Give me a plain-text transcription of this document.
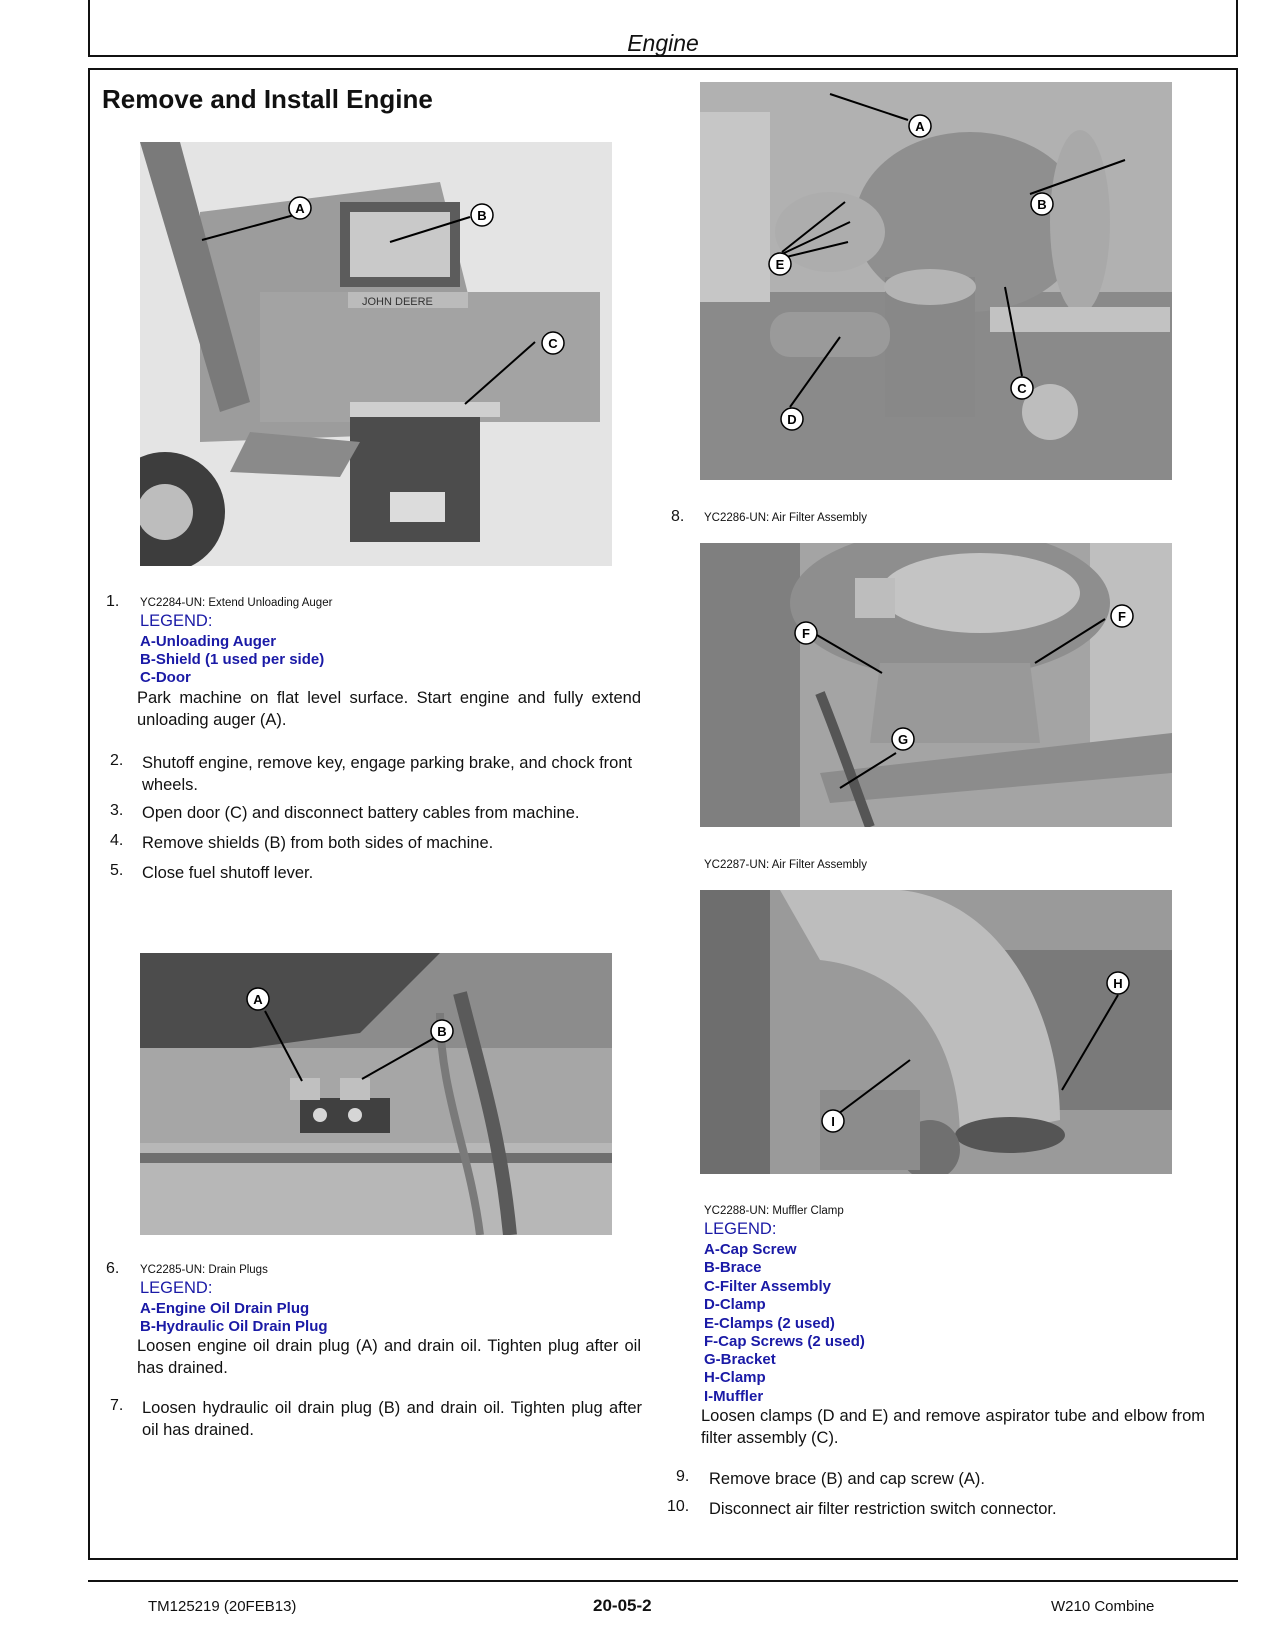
Engine
Remove and Install Engine
JOHN DEERE
A	B
C
1. YC2284-UN: Extend Unloading Auger
LEGEND:
A-Unloading Auger
B-Shield (1 used per side)
C-Door
Park machine on flat level surface. Start engine and fully extend unloading auger (A).
2. Shutoff engine, remove key, engage parking brake, and chock front wheels.
3. Open door (C) and disconnect battery cables from machine.
4. Remove shields (B) from both sides of machine.
5. Close fuel shutoff lever.
A
B
6. YC2285-UN: Drain Plugs
LEGEND:
A-Engine Oil Drain Plug
B-Hydraulic Oil Drain Plug
Loosen engine oil drain plug (A) and drain oil. Tighten plug after oil has drained.
7. Loosen hydraulic oil drain plug (B) and drain oil. Tighten plug after oil has drained.
A
B
C
D
E
8. YC2286-UN: Air Filter Assembly
F
F
G
YC2287-UN: Air Filter Assembly
H
I
YC2288-UN: Muffler Clamp
LEGEND:
A-Cap Screw
B-Brace
C-Filter Assembly
D-Clamp
E-Clamps (2 used)
F-Cap Screws (2 used)
G-Bracket
H-Clamp
I-Muffler
Loosen clamps (D and E) and remove aspirator tube and elbow from filter assembly (C).
9. Remove brace (B) and cap screw (A).
10. Disconnect air filter restriction switch connector.
TM125219 (20FEB13)	20-05-2	W210 Combine
